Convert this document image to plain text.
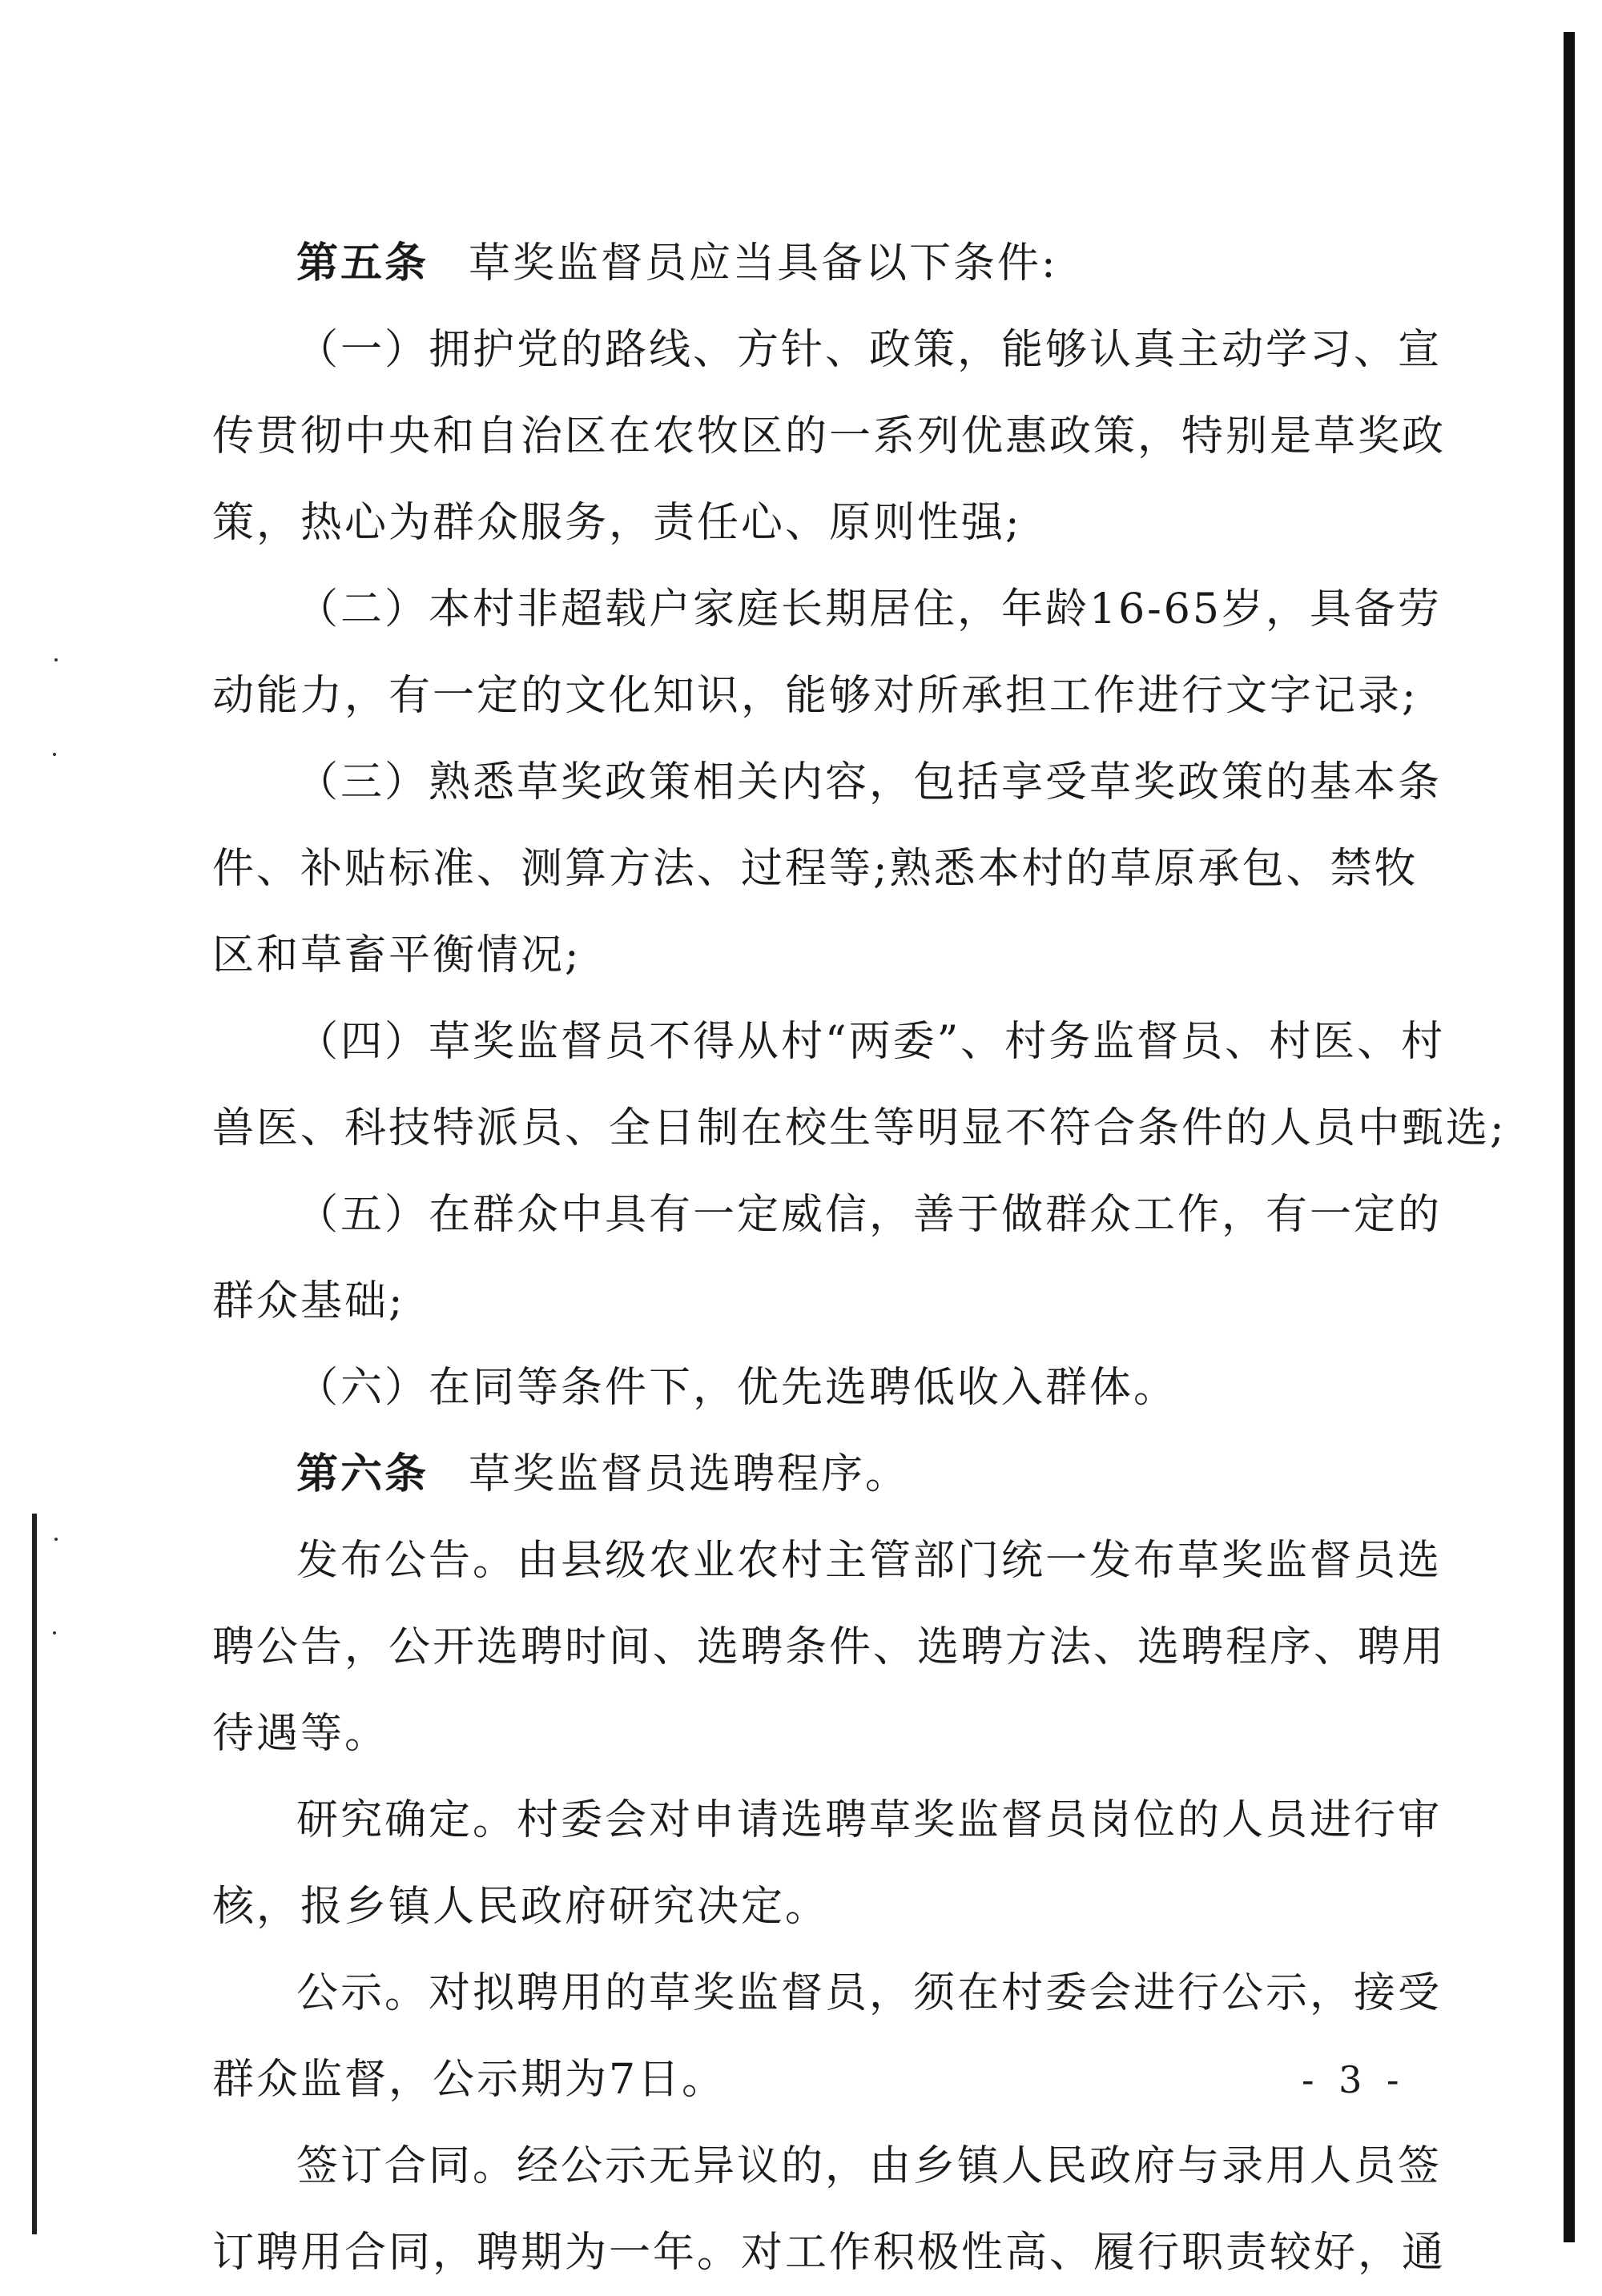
第五条 草奖监督员应当具备以下条件:
（一）拥护党的路线、方针、政策，能够认真主动学习、宣
传贯彻中央和自治区在农牧区的一系列优惠政策，特别是草奖政
策，热心为群众服务，责任心、原则性强;
（二）本村非超载户家庭长期居住，年龄16-65岁，具备劳
动能力，有一定的文化知识，能够对所承担工作进行文字记录;
（三）熟悉草奖政策相关内容，包括享受草奖政策的基本条
件、补贴标准、测算方法、过程等;熟悉本村的草原承包、禁牧
区和草畜平衡情况;
（四）草奖监督员不得从村“两委”、村务监督员、村医、村
兽医、科技特派员、全日制在校生等明显不符合条件的人员中甄选;
（五）在群众中具有一定威信，善于做群众工作，有一定的
群众基础;
（六）在同等条件下，优先选聘低收入群体。
第六条 草奖监督员选聘程序。
发布公告。由县级农业农村主管部门统一发布草奖监督员选
聘公告，公开选聘时间、选聘条件、选聘方法、选聘程序、聘用
待遇等。
研究确定。村委会对申请选聘草奖监督员岗位的人员进行审
核，报乡镇人民政府研究决定。
公示。对拟聘用的草奖监督员，须在村委会进行公示，接受
群众监督，公示期为7日。
签订合同。经公示无异议的，由乡镇人民政府与录用人员签
订聘用合同，聘期为一年。对工作积极性高、履行职责较好，通
- 3 -
